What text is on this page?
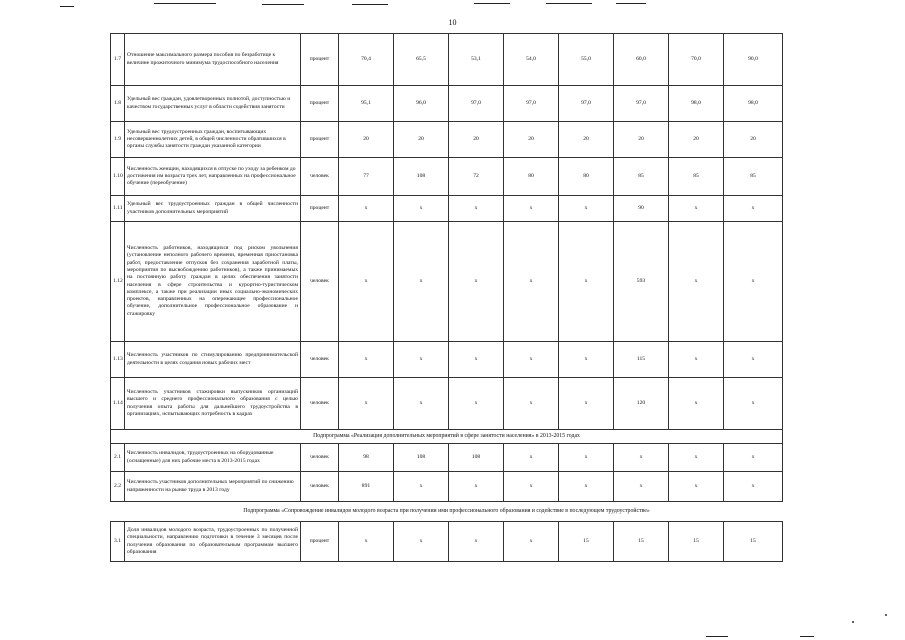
10
1.7	Отношение максимального размера пособия по безработице к величине прожиточного минимума трудоспособного населения	процент	70,4	65,5	53,1	54,0	55,0	60,0	70,0	90,0
1.8	Удельный вес граждан, удовлетворенных полнотой, доступностью и качеством государственных услуг в области содействия занятости	процент	95,1	96,0	97,0	97,0	97,0	97,0	98,0	98,0
1.9	Удельный вес трудоустроенных граждан, воспитывающих несовершеннолетних детей, в общей численности обратившихся в органы службы занятости граждан указанной категории	процент	20	20	20	20	20	20	20	20
1.10	Численность женщин, находящихся в отпуске по уходу за ребенком до достижения им возраста трех лет, направленных на профессиональное обучение (переобучение)	человек	77	108	72	80	80	85	85	85
1.11	Удельный вес трудоустроенных граждан в общей численности участников дополнительных мероприятий	процент	x	x	x	x	x	90	x	x
1.12	Численность работников, находящихся под риском увольнения (установление неполного рабочего времени, временная приостановка работ, предоставление отпусков без сохранения заработной платы, мероприятия по высвобождению работников), а также принимаемых на постоянную работу граждан в целях обеспечения занятости населения в сфере строительства и курортно-туристическом комплексе, а также при реализации иных социально-экономических проектов, направленных на опережающее профессиональное обучение, дополнительное профессиональное образование и стажировку	человек	x	x	x	x	x	593	x	x
1.13	Численность участников по стимулированию предпринимательской деятельности в целях создания новых рабочих мест	человек	x	x	x	x	x	115	x	x
1.14	Численность участников стажировки выпускников организаций высшего и среднего профессионального образования с целью получения опыта работы для дальнейшего трудоустройства в организациях, испытывающих потребность в кадрах	человек	x	x	x	x	x	120	x	x
Подпрограмма «Реализация дополнительных мероприятий в сфере занятости населения» в 2013-2015 годах										
2.1	Численность инвалидов, трудоустроенных на оборудованные (оснащенные) для них рабочие места в 2013-2015 годах	человек	98	108	108	x	x	x	x	x
2.2	Численность участников дополнительных мероприятий по снижению напряженности на рынке труда в 2013 году	человек	891	x	x	x	x	x	x	x
Подпрограмма «Сопровождение инвалидов молодого возраста при получении ими профессионального образования и содействие в последующем трудоустройстве»										
3.1	Доля инвалидов молодого возраста, трудоустроенных по полученной специальности, направлению подготовки в течение 3 месяцев после получения образования по образовательным программам высшего образования	процент	x	x	x	x	15	15	15	15
